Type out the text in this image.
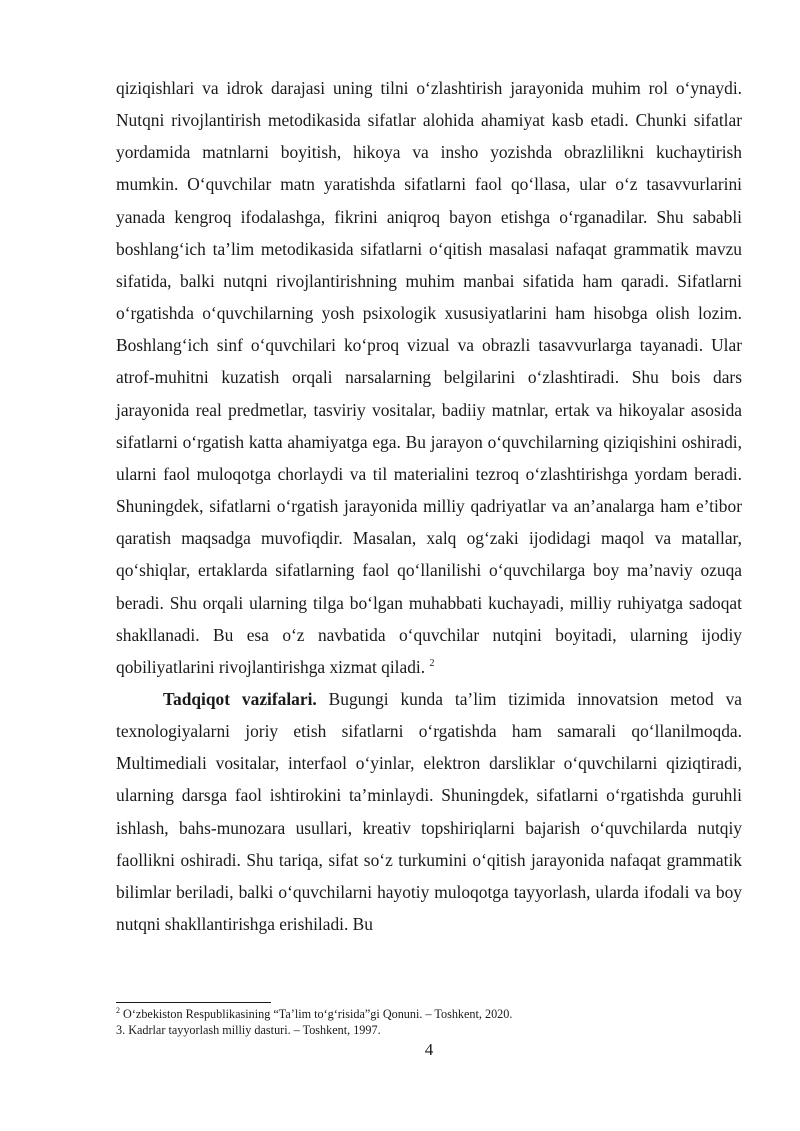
qiziqishlari va idrok darajasi uning tilni o‘zlashtirish jarayonida muhim rol o‘ynaydi. Nutqni rivojlantirish metodikasida sifatlar alohida ahamiyat kasb etadi. Chunki sifatlar yordamida matnlarni boyitish, hikoya va insho yozishda obrazlilikni kuchaytirish mumkin. O‘quvchilar matn yaratishda sifatlarni faol qo‘llasa, ular o‘z tasavvurlarini yanada kengroq ifodalashga, fikrini aniqroq bayon etishga o‘rganadilar. Shu sababli boshlang‘ich ta’lim metodikasida sifatlarni o‘qitish masalasi nafaqat grammatik mavzu sifatida, balki nutqni rivojlantirishning muhim manbai sifatida ham qaradi. Sifatlarni o‘rgatishda o‘quvchilarning yosh psixologik xususiyatlarini ham hisobga olish lozim. Boshlang‘ich sinf o‘quvchilari ko‘proq vizual va obrazli tasavvurlarga tayanadi. Ular atrof-muhitni kuzatish orqali narsalarning belgilarini o‘zlashtiradi. Shu bois dars jarayonida real predmetlar, tasviriy vositalar, badiiy matnlar, ertak va hikoyalar asosida sifatlarni o‘rgatish katta ahamiyatga ega. Bu jarayon o‘quvchilarning qiziqishini oshiradi, ularni faol muloqotga chorlaydi va til materialini tezroq o‘zlashtirishga yordam beradi. Shuningdek, sifatlarni o‘rgatish jarayonida milliy qadriyatlar va an’analarga ham e’tibor qaratish maqsadga muvofiqdir. Masalan, xalq og‘zaki ijodidagi maqol va matallar, qo‘shiqlar, ertaklarda sifatlarning faol qo‘llanilishi o‘quvchilarga boy ma’naviy ozuqa beradi. Shu orqali ularning tilga bo‘lgan muhabbati kuchayadi, milliy ruhiyatga sadoqat shakllanadi. Bu esa o‘z navbatida o‘quvchilar nutqini boyitadi, ularning ijodiy qobiliyatlarini rivojlantirishga xizmat qiladi. $^2$

Tadqiqot vazifalari. Bugungi kunda ta’lim tizimida innovatsion metod va texnologiyalarni joriy etish sifatlarni o‘rgatishda ham samarali qo‘llanilmoqda. Multimediali vositalar, interfaol o‘yinlar, elektron darsliklar o‘quvchilarni qiziqtiradi, ularning darsga faol ishtirokini ta’minlaydi. Shuningdek, sifatlarni o‘rgatishda guruhli ishlash, bahs-munozara usullari, kreativ topshiriqlarni bajarish o‘quvchilarda nutqiy faollikni oshiradi. Shu tariqa, sifat so‘z turkumini o‘qitish jarayonida nafaqat grammatik bilimlar beriladi, balki o‘quvchilarni hayotiy muloqotga tayyorlash, ularda ifodali va boy nutqni shakllantirishga erishiladi. Bu

$^2$ O‘zbekiston Respublikasining “Ta’lim to‘g‘risida”gi Qonuni. – Toshkent, 2020.

3. Kadrlar tayyorlash milliy dasturi. – Toshkent, 1997.

4
